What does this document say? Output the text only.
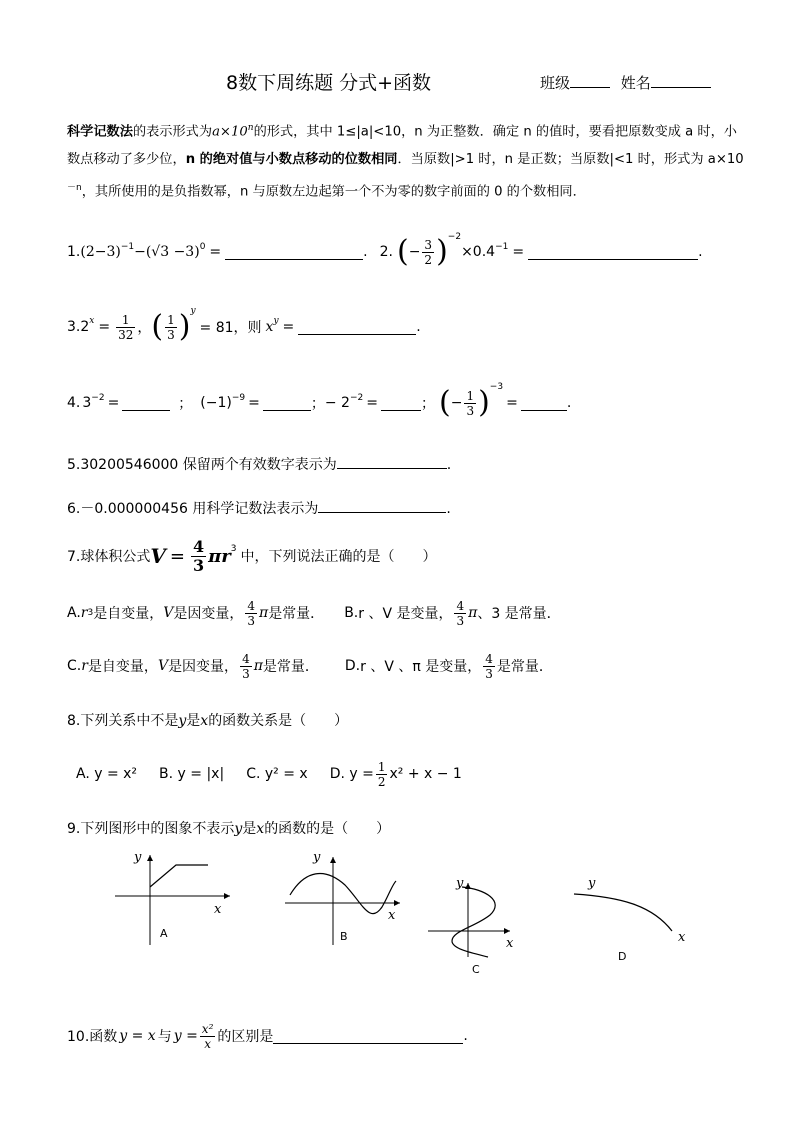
8数下周练题 分式+函数	班级	姓名
科学记数法的表示形式为$a\times 10^n$的形式，其中 1≤|a|<10，n 为正整数．确定 n 的值时，要看把原数变成 a 时，小数点移动了多少位，n 的绝对值与小数点移动的位数相同．当原数|>1 时，n 是正数；当原数|<1 时，形式为 $a\times 10^{-n}$，其所使用的是负指数幂，n 与原数左边起第一个不为零的数字前面的 0 的个数相同．
1. $(2-3)^{-1} -(√3 -3)^0$ =	. 2. ( − $\frac{3}{2} )^{-2}$
$\times 0.4^{-1}$ =	.
3. $2^x = \frac{1}{32}$ ， ( $\frac{1}{3} )^y$
= 81，则 $x^y$ =	.
4. $3^{-2}$ =	； $(-1)^{-9}$ =	； − $2^{-2}$ =	； ( − $\frac{1}{3} )^{-3}$
=	.
5.30200546000 保留两个有效数字表示为	.
6.－0.000000456 用科学记数法表示为	.
7.球体积公式 $V = \frac{4}{3} \pi r^3$ 中，下列说法正确的是（　　）
A. r 3 是自变量， V 是因变量， $\frac{4}{3}$ π 是常量． B. r 、V 是变量， $\frac{4}{3}$ π 、3 是常量．
C. r 是自变量， V 是因变量， $\frac{4}{3}$ π 是常量． D. r 、V 、π 是变量， $\frac{4}{3}$ 是常量．
8.下列关系中不是y是x的函数关系是（　　）
A. y = x² B. y = |x| C. y² = x D. $y = \frac{1}{2} x^2 + x - 1$
9.下列图形中的图象不表示y是x的函数的是（　　）
y
x
A
y
x
B
y
x
C
y
x
D
10.函数 y = x 与 $y = \frac{\text{x²}}{x}$ 的区别是	.
